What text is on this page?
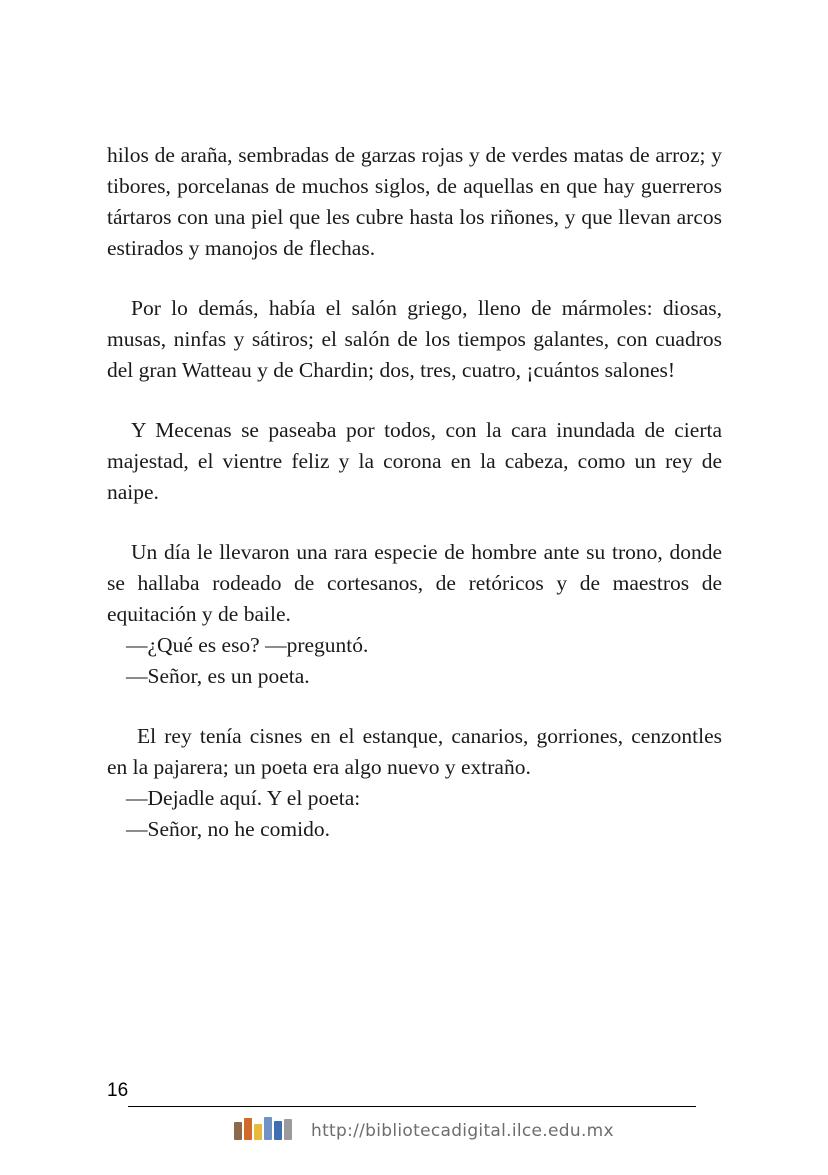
hilos de araña, sembradas de garzas rojas y de verdes matas de arroz; y tibores, porcelanas de muchos siglos, de aquellas en que hay guerreros tártaros con una piel que les cubre hasta los riñones, y que llevan arcos estirados y manojos de flechas.

Por lo demás, había el salón griego, lleno de mármoles: diosas, musas, ninfas y sátiros; el salón de los tiempos galantes, con cuadros del gran Watteau y de Chardin; dos, tres, cuatro, ¡cuántos salones!

Y Mecenas se paseaba por todos, con la cara inundada de cierta majestad, el vientre feliz y la corona en la cabeza, como un rey de naipe.

Un día le llevaron una rara especie de hombre ante su trono, donde se hallaba rodeado de cortesanos, de retóricos y de maestros de equitación y de baile.

—¿Qué es eso? —preguntó.

—Señor, es un poeta.

El rey tenía cisnes en el estanque, canarios, gorriones, cenzontles en la pajarera; un poeta era algo nuevo y extraño.

—Dejadle aquí. Y el poeta:

—Señor, no he comido.

16
http://bibliotecadigital.ilce.edu.mx
